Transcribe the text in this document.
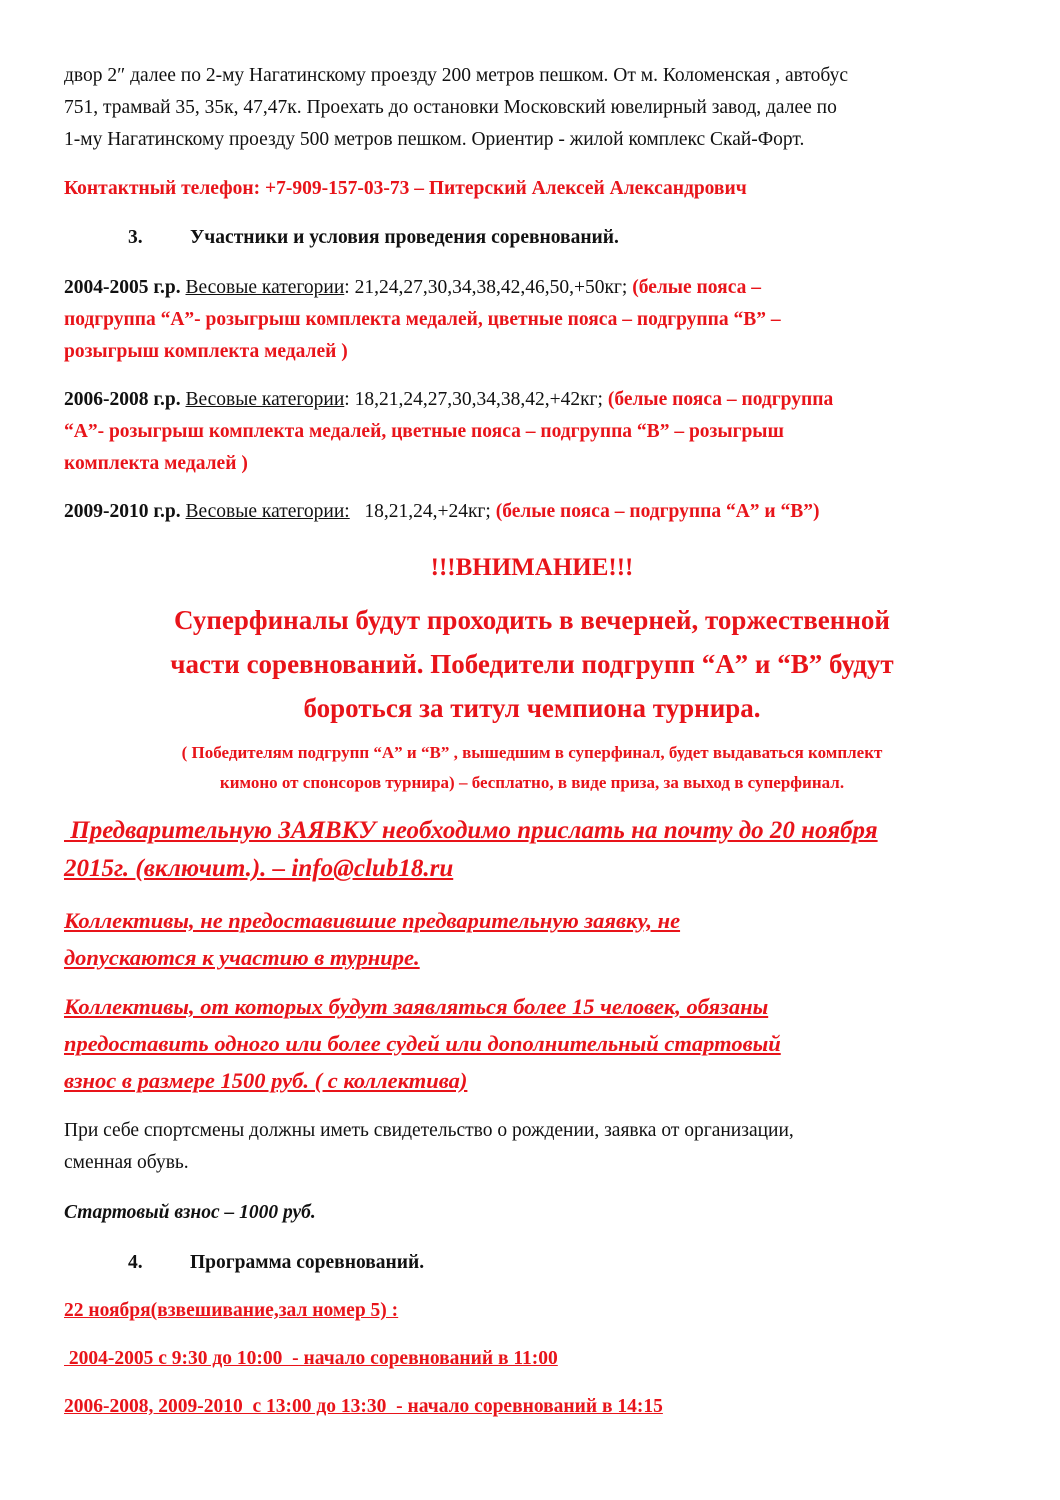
двор 2″ далее по 2-му Нагатинскому проезду 200 метров пешком. От м. Коломенская , автобус

751, трамвай 35, 35к, 47,47к. Проехать до остановки Московский ювелирный завод, далее по

1-му Нагатинскому проезду 500 метров пешком. Ориентир - жилой комплекс Скай-Форт.

Контактный телефон: +7-909-157-03-73 – Питерский Алексей Александрович

3. Участники и условия проведения соревнований.

2004-2005 г.р. Весовые категории: 21,24,27,30,34,38,42,46,50,+50кг; (белые пояса –

подгруппа “А”- розыгрыш комплекта медалей, цветные пояса – подгруппа “В” –

розыгрыш комплекта медалей )

2006-2008 г.р. Весовые категории: 18,21,24,27,30,34,38,42,+42кг; (белые пояса – подгруппа

“А”- розыгрыш комплекта медалей, цветные пояса – подгруппа “В” – розыгрыш

комплекта медалей )

2009-2010 г.р. Весовые категории:   18,21,24,+24кг; (белые пояса – подгруппа “А” и “В”)

!!!ВНИМАНИЕ!!!

Суперфиналы будут проходить в вечерней, торжественной

части соревнований. Победители подгрупп “А” и “В” будут

бороться за титул чемпиона турнира.

( Победителям подгрупп “А” и “В” , вышедшим в суперфинал, будет выдаваться комплект

кимоно от спонсоров турнира) – бесплатно, в виде приза, за выход в суперфинал.

Предварительную ЗАЯВКУ необходимо прислать на почту до 20 ноября

2015г. (включит.). – info@club18.ru

Коллективы, не предоставившие предварительную заявку, не

допускаются к участию в турнире.

Коллективы, от которых будут заявляться более 15 человек, обязаны

предоставить одного или более судей или дополнительный стартовый

взнос в размере 1500 руб. ( с коллектива)

При себе спортсмены должны иметь свидетельство о рождении, заявка от организации,

сменная обувь.

Стартовый взнос – 1000 руб.

4. Программа соревнований.

22 ноября(взвешивание,зал номер 5) :

2004-2005 с 9:30 до 10:00  - начало соревнований в 11:00

2006-2008, 2009-2010  с 13:00 до 13:30  - начало соревнований в 14:15
